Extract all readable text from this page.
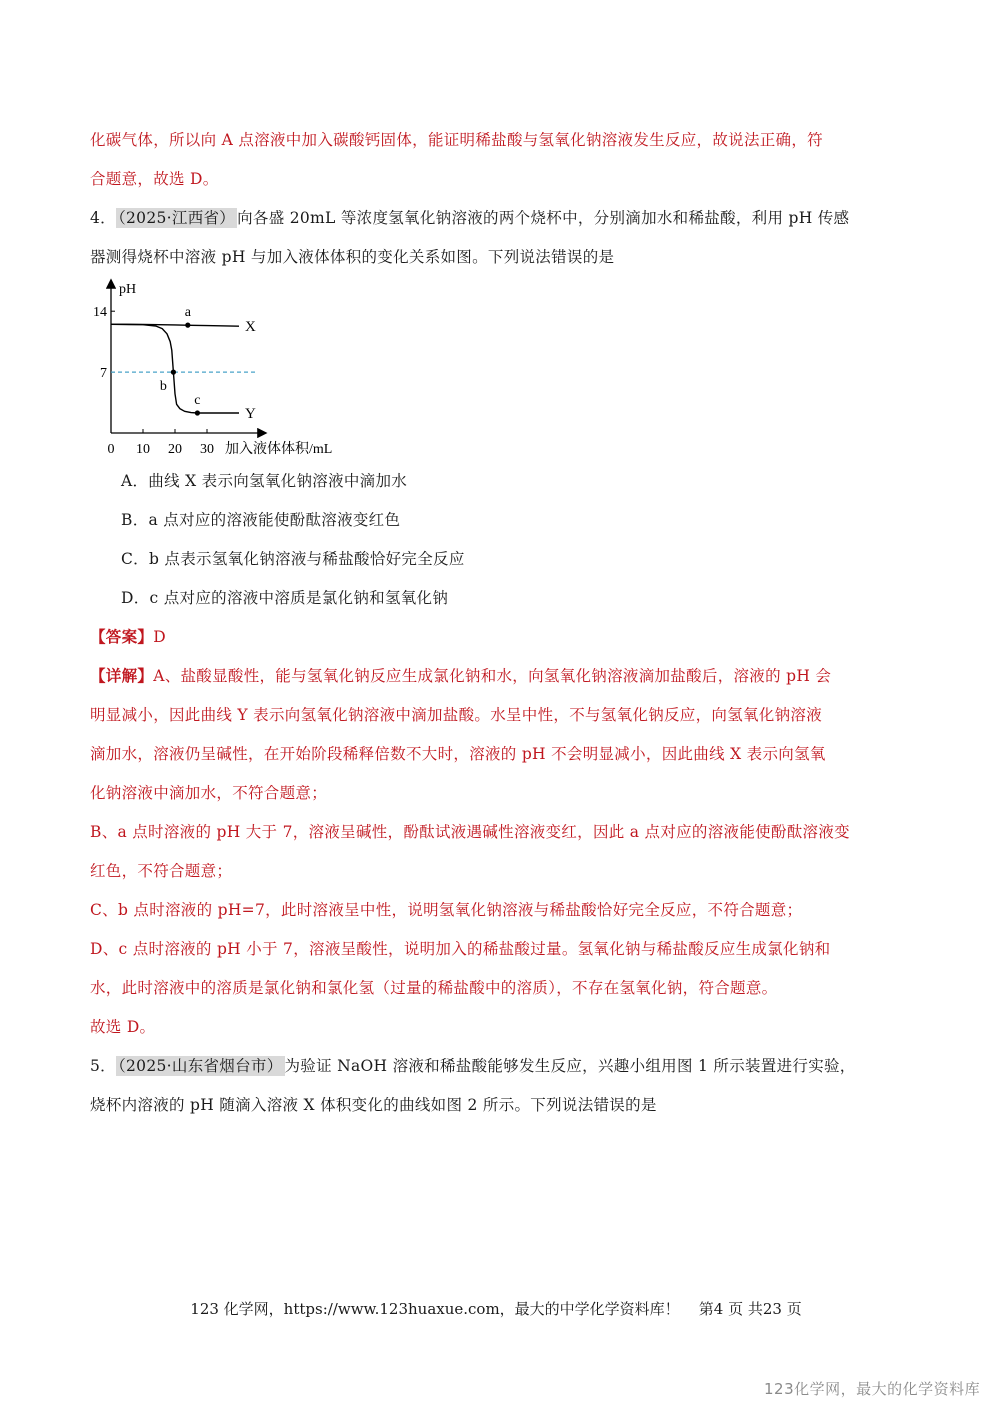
化碳气体，所以向 A 点溶液中加入碳酸钙固体，能证明稀盐酸与氢氧化钠溶液发生反应，故说法正确，符
合题意，故选 D。
4． （2025·江西省） 向各盛 20mL 等浓度氢氧化钠溶液的两个烧杯中，分别滴加水和稀盐酸，利用 pH 传感
器测得烧杯中溶液 pH 与加入液体体积的变化关系如图。下列说法错误的是
7
14
0 10 20 30
pH
加入液体体积/mL
X
Y
a
b
c
A．曲线 X 表示向氢氧化钠溶液中滴加水
B．a 点对应的溶液能使酚酞溶液变红色
C．b 点表示氢氧化钠溶液与稀盐酸恰好完全反应
D．c 点对应的溶液中溶质是氯化钠和氢氧化钠
【答案】D
【详解】A、盐酸显酸性，能与氢氧化钠反应生成氯化钠和水，向氢氧化钠溶液滴加盐酸后，溶液的 pH 会
明显减小，因此曲线 Y 表示向氢氧化钠溶液中滴加盐酸。水呈中性，不与氢氧化钠反应，向氢氧化钠溶液
滴加水，溶液仍呈碱性，在开始阶段稀释倍数不大时，溶液的 pH 不会明显减小，因此曲线 X 表示向氢氧
化钠溶液中滴加水，不符合题意；
B、a 点时溶液的 pH 大于 7，溶液呈碱性，酚酞试液遇碱性溶液变红，因此 a 点对应的溶液能使酚酞溶液变
红色，不符合题意；
C、b 点时溶液的 pH=7，此时溶液呈中性，说明氢氧化钠溶液与稀盐酸恰好完全反应，不符合题意；
D、c 点时溶液的 pH 小于 7，溶液呈酸性，说明加入的稀盐酸过量。氢氧化钠与稀盐酸反应生成氯化钠和
水，此时溶液中的溶质是氯化钠和氯化氢（过量的稀盐酸中的溶质），不存在氢氧化钠，符合题意。
故选 D。
5． （2025·山东省烟台市） 为验证 NaOH 溶液和稀盐酸能够发生反应，兴趣小组用图 1 所示装置进行实验，
烧杯内溶液的 pH 随滴入溶液 X 体积变化的曲线如图 2 所示。下列说法错误的是
123 化学网，https://www.123huaxue.com，最大的中学化学资料库！ 第4 页 共23 页
123化学网，最大的化学资料库
